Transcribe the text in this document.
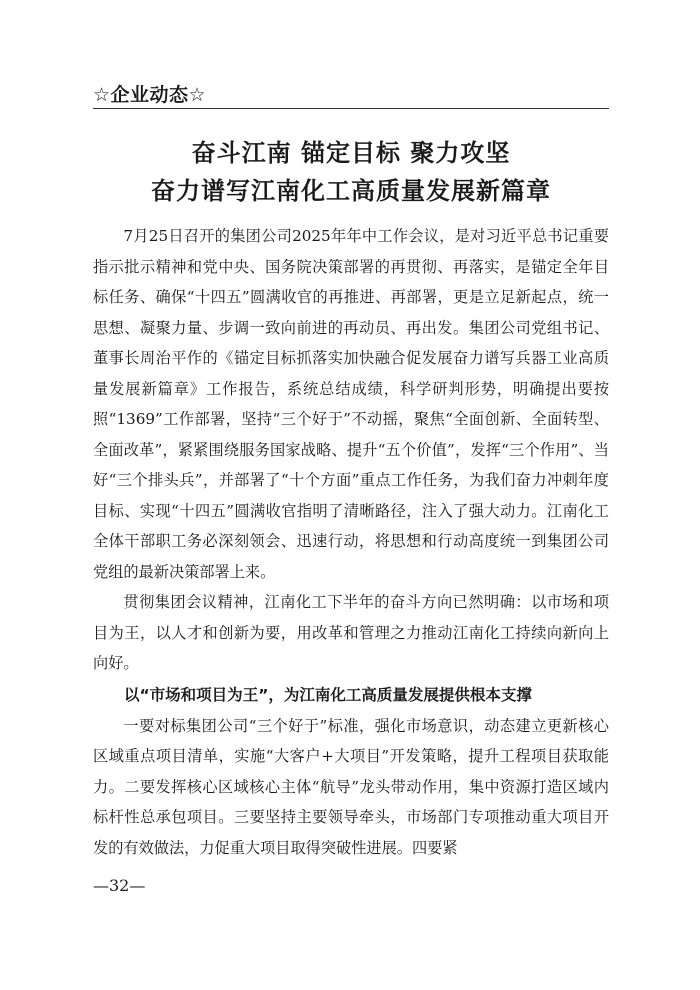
☆企业动态☆
奋斗江南 锚定目标 聚力攻坚
奋力谱写江南化工高质量发展新篇章

7月25日召开的集团公司2025年年中工作会议，是对习近平总书记重要指示批示精神和党中央、国务院决策部署的再贯彻、再落实，是锚定全年目标任务、确保“十四五”圆满收官的再推进、再部署，更是立足新起点，统一思想、凝聚力量、步调一致向前进的再动员、再出发。集团公司党组书记、董事长周治平作的《锚定目标抓落实加快融合促发展奋力谱写兵器工业高质量发展新篇章》工作报告，系统总结成绩，科学研判形势，明确提出要按照“1369”工作部署，坚持“三个好于”不动摇，聚焦“全面创新、全面转型、全面改革”，紧紧围绕服务国家战略、提升“五个价值”，发挥“三个作用”、当好“三个排头兵”，并部署了“十个方面”重点工作任务，为我们奋力冲刺年度目标、实现“十四五”圆满收官指明了清晰路径，注入了强大动力。江南化工全体干部职工务必深刻领会、迅速行动，将思想和行动高度统一到集团公司党组的最新决策部署上来。

贯彻集团会议精神，江南化工下半年的奋斗方向已然明确：以市场和项目为王，以人才和创新为要，用改革和管理之力推动江南化工持续向新向上向好。

以“市场和项目为王”，为江南化工高质量发展提供根本支撑

一要对标集团公司“三个好于”标准，强化市场意识，动态建立更新核心区域重点项目清单，实施“大客户+大项目”开发策略，提升工程项目获取能力。二要发挥核心区域核心主体“航导”龙头带动作用，集中资源打造区域内标杆性总承包项目。三要坚持主要领导牵头，市场部门专项推动重大项目开发的有效做法，力促重大项目取得突破性进展。四要紧

—32—
